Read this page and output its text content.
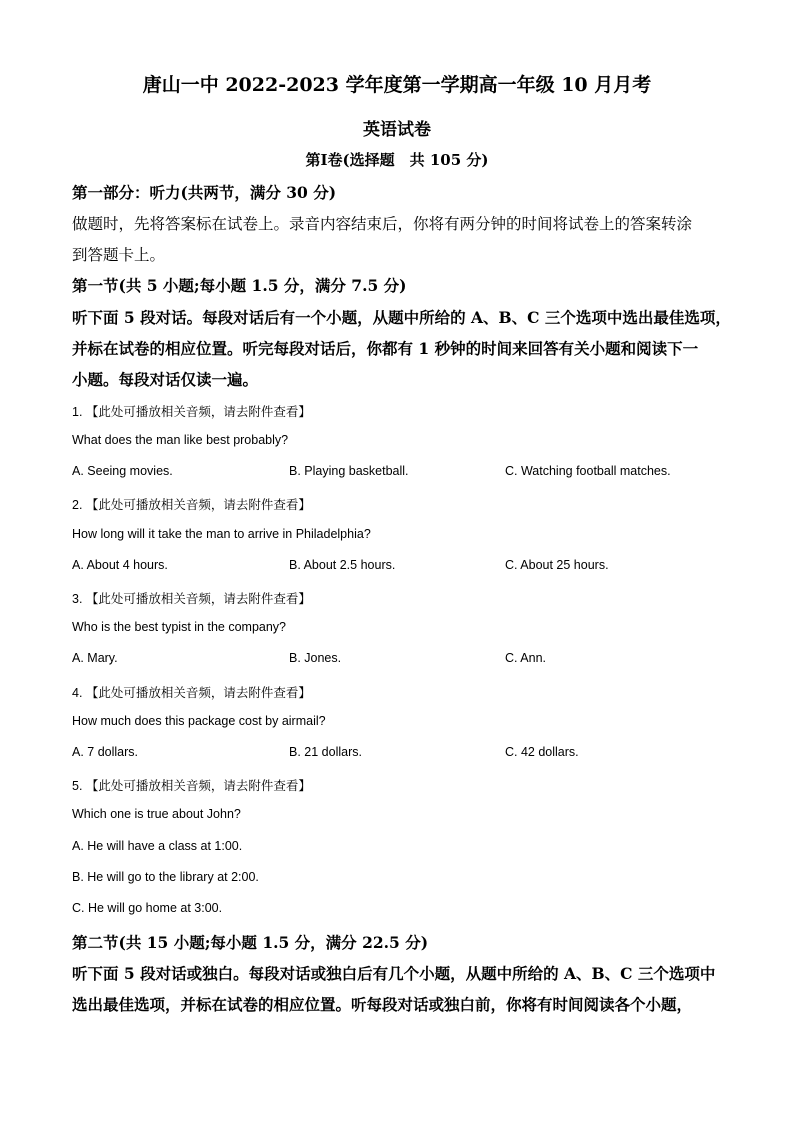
唐山一中 2022-2023 学年度第一学期高一年级 10 月月考
英语试卷
第Ⅰ卷(选择题　共 105 分)
第一部分：听力(共两节，满分 30 分)
做题时，先将答案标在试卷上。录音内容结束后，你将有两分钟的时间将试卷上的答案转涂
到答题卡上。
第一节(共 5 小题;每小题 1.5 分，满分 7.5 分)
听下面 5 段对话。每段对话后有一个小题，从题中所给的 A、B、C 三个选项中选出最佳选项，
并标在试卷的相应位置。听完每段对话后，你都有 1 秒钟的时间来回答有关小题和阅读下一
小题。每段对话仅读一遍。
1. 【此处可播放相关音频，请去附件查看】
What does the man like best probably?
A. Seeing movies.	B. Playing basketball.	C. Watching football matches.
2. 【此处可播放相关音频，请去附件查看】
How long will it take the man to arrive in Philadelphia?
A. About 4 hours.	B. About 2.5 hours.	C. About 25 hours.
3. 【此处可播放相关音频，请去附件查看】
Who is the best typist in the company?
A. Mary.	B. Jones.	C. Ann.
4. 【此处可播放相关音频，请去附件查看】
How much does this package cost by airmail?
A. 7 dollars.	B. 21 dollars.	C. 42 dollars.
5. 【此处可播放相关音频，请去附件查看】
Which one is true about John?
A. He will have a class at 1:00.
B. He will go to the library at 2:00.
C. He will go home at 3:00.
第二节(共 15 小题;每小题 1.5 分，满分 22.5 分)
听下面 5 段对话或独白。每段对话或独白后有几个小题，从题中所给的 A、B、C 三个选项中
选出最佳选项，并标在试卷的相应位置。听每段对话或独白前，你将有时间阅读各个小题，
